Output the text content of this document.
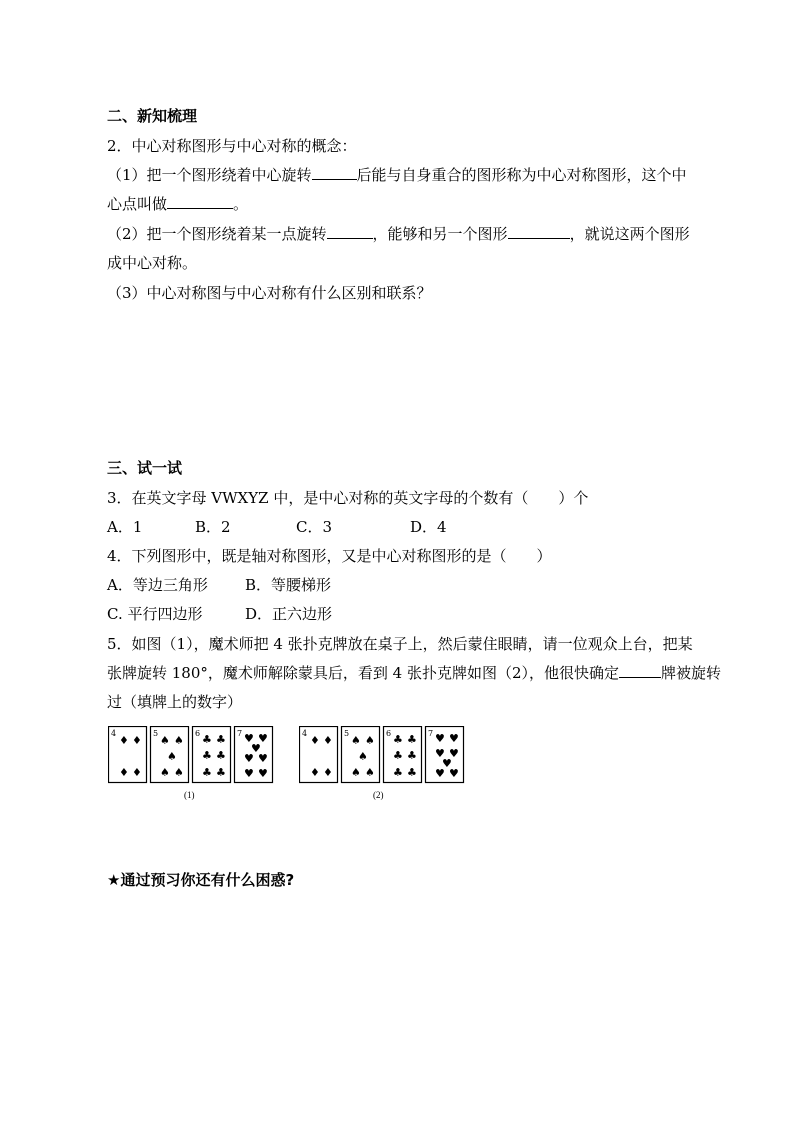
二、新知梳理
2．中心对称图形与中心对称的概念：
（1）把一个图形绕着中心旋转	后能与自身重合的图形称为中心对称图形，这个中
心点叫做	。
（2）把一个图形绕着某一点旋转	，能够和另一个图形	，就说这两个图形
成中心对称。
（3）中心对称图与中心对称有什么区别和联系？
三、试一试
3．在英文字母 VWXYZ 中，是中心对称的英文字母的个数有（　　）个
A．1	B．2	C．3	D．4
4．下列图形中，既是轴对称图形，又是中心对称图形的是（　　）
A．等边三角形 B．等腰梯形
C. 平行四边形	D．正六边形
5．如图（1），魔术师把 4 张扑克牌放在桌子上，然后蒙住眼睛，请一位观众上台，把某
张牌旋转 180°，魔术师解除蒙具后，看到 4 张扑克牌如图（2），他很快确定	牌被旋转
过（填牌上的数字）
4
♦ ♦
♦ ♦
5
♠ ♠
♠
♠ ♠
6 ♣ ♣
♣ ♣
♣ ♣
7 ♥ ♥
♥
♥ ♥
♥ ♥
(1)
4
♦ ♦
♦ ♦
5
♠ ♠
♠
♠ ♠
6 ♣ ♣
♣ ♣
♣ ♣
7 ♥ ♥
♥ ♥
♥
♥ ♥
(2)
★通过预习你还有什么困惑?
